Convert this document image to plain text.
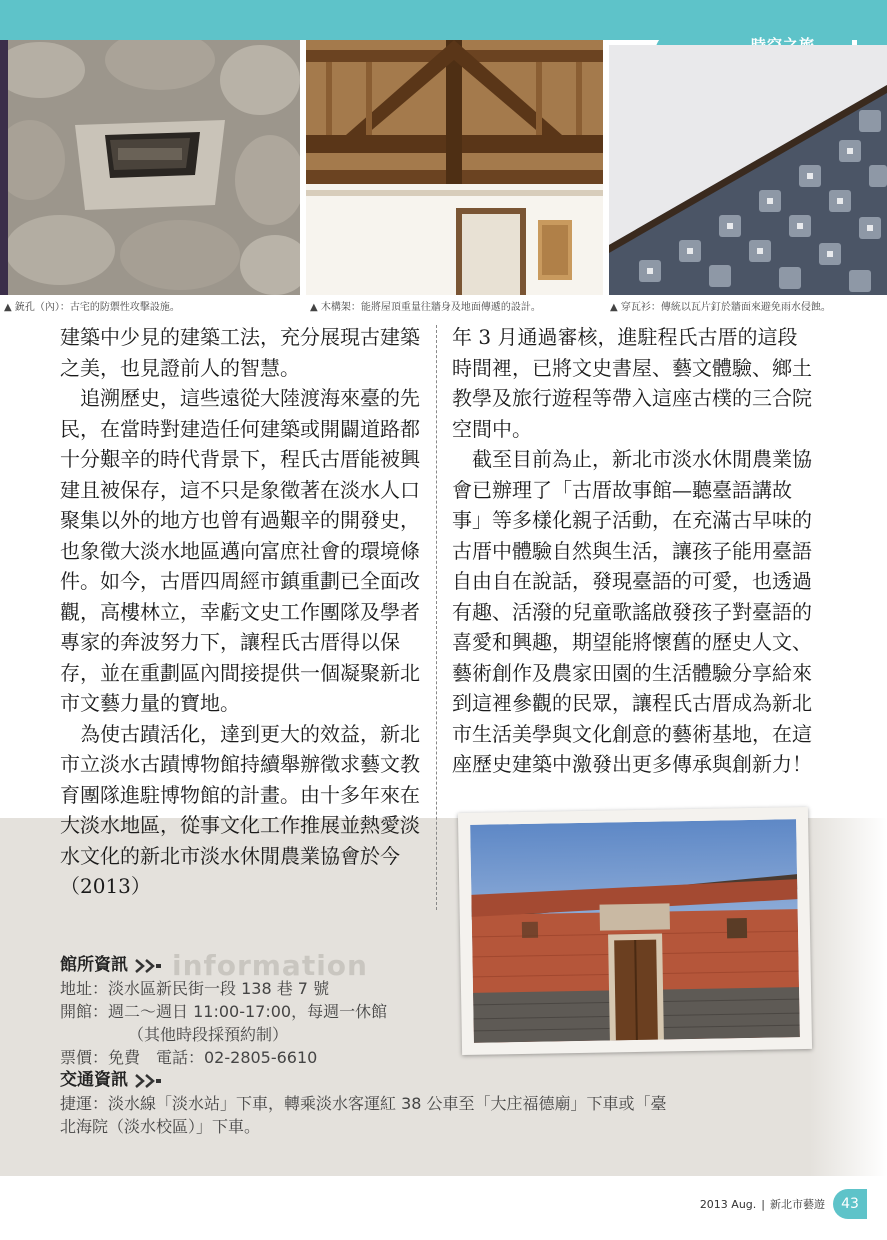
▲ 銃孔（內）：古宅的防禦性攻擊設施。	▲ 木構架：能將屋頂重量往牆身及地面傳遞的設計。	▲ 穿瓦衫：傳統以瓦片釘於牆面來避免雨水侵蝕。

建築中少見的建築工法，充分展現古建築之美，也見證前人的智慧。

　追溯歷史，這些遠從大陸渡海來臺的先民，在當時對建造任何建築或開闢道路都十分艱辛的時代背景下，程氏古厝能被興建且被保存，這不只是象徵著在淡水人口聚集以外的地方也曾有過艱辛的開發史，也象徵大淡水地區邁向富庶社會的環境條件。如今，古厝四周經市鎮重劃已全面改觀，高樓林立，幸虧文史工作團隊及學者專家的奔波努力下，讓程氏古厝得以保存，並在重劃區內間接提供一個凝聚新北市文藝力量的寶地。

　為使古蹟活化，達到更大的效益，新北市立淡水古蹟博物館持續舉辦徵求藝文教育團隊進駐博物館的計畫。由十多年來在大淡水地區，從事文化工作推展並熱愛淡水文化的新北市淡水休閒農業協會於今（2013）

年 3 月通過審核，進駐程氏古厝的這段時間裡，已將文史書屋、藝文體驗、鄉土教學及旅行遊程等帶入這座古樸的三合院空間中。

　截至目前為止，新北市淡水休閒農業協會已辦理了「古厝故事館—聽臺語講故事」等多樣化親子活動，在充滿古早味的古厝中體驗自然與生活，讓孩子能用臺語自由自在說話，發現臺語的可愛，也透過有趣、活潑的兒童歌謠啟發孩子對臺語的喜愛和興趣，期望能將懷舊的歷史人文、藝術創作及農家田園的生活體驗分享給來到這裡參觀的民眾，讓程氏古厝成為新北市生活美學與文化創意的藝術基地，在這座歷史建築中激發出更多傳承與創新力！

館所資訊 information
地址：淡水區新民街一段 138 巷 7 號
開館：週二～週日 11:00-17:00，每週一休館
（其他時段採預約制）
票價：免費　電話：02-2805-6610
交通資訊
捷運：淡水線「淡水站」下車，轉乘淡水客運紅 38 公車至「大庄福德廟」下車或「臺
北海院（淡水校區）」下車。
2013 Aug. | 新北市藝遊	43
